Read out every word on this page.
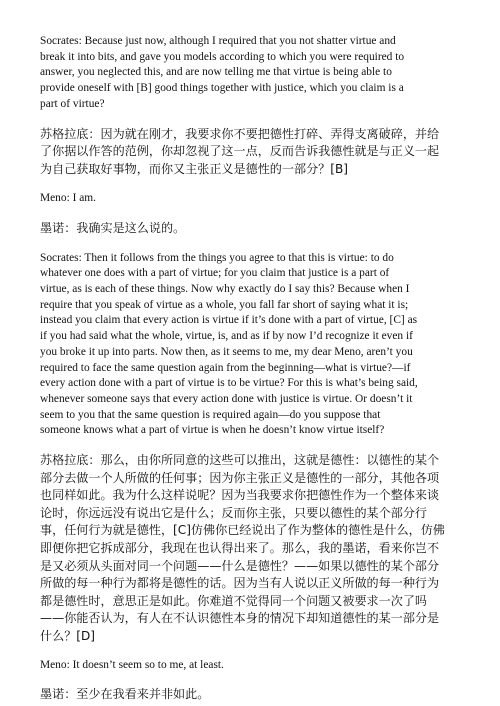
Socrates: Because just now, although I required that you not shatter virtue and
break it into bits, and gave you models according to which you were required to
answer, you neglected this, and are now telling me that virtue is being able to
provide oneself with [B] good things together with justice, which you claim is a
part of virtue?

苏格拉底：因为就在刚才，我要求你不要把德性打碎、弄得支离破碎，并给
了你据以作答的范例，你却忽视了这一点，反而告诉我德性就是与正义一起
为自己获取好事物，而你又主张正义是德性的一部分？[B]

Meno: I am.

墨诺：我确实是这么说的。

Socrates: Then it follows from the things you agree to that this is virtue: to do
whatever one does with a part of virtue; for you claim that justice is a part of
virtue, as is each of these things. Now why exactly do I say this? Because when I
require that you speak of virtue as a whole, you fall far short of saying what it is;
instead you claim that every action is virtue if it’s done with a part of virtue, [C] as
if you had said what the whole, virtue, is, and as if by now I’d recognize it even if
you broke it up into parts. Now then, as it seems to me, my dear Meno, aren’t you
required to face the same question again from the beginning—what is virtue?—if
every action done with a part of virtue is to be virtue? For this is what’s being said,
whenever someone says that every action done with justice is virtue. Or doesn’t it
seem to you that the same question is required again—do you suppose that
someone knows what a part of virtue is when he doesn’t know virtue itself?

苏格拉底：那么，由你所同意的这些可以推出，这就是德性：以德性的某个
部分去做一个人所做的任何事；因为你主张正义是德性的一部分，其他各项
也同样如此。我为什么这样说呢？因为当我要求你把德性作为一个整体来谈
论时，你远远没有说出它是什么；反而你主张，只要以德性的某个部分行
事，任何行为就是德性，[C]仿佛你已经说出了作为整体的德性是什么，仿佛
即便你把它拆成部分，我现在也认得出来了。那么，我的墨诺，看来你岂不
是又必须从头面对同一个问题——什么是德性？——如果以德性的某个部分
所做的每一种行为都将是德性的话。因为当有人说以正义所做的每一种行为
都是德性时，意思正是如此。你难道不觉得同一个问题又被要求一次了吗
——你能否认为，有人在不认识德性本身的情况下却知道德性的某一部分是
什么？[D]

Meno: It doesn’t seem so to me, at least.

墨诺：至少在我看来并非如此。
